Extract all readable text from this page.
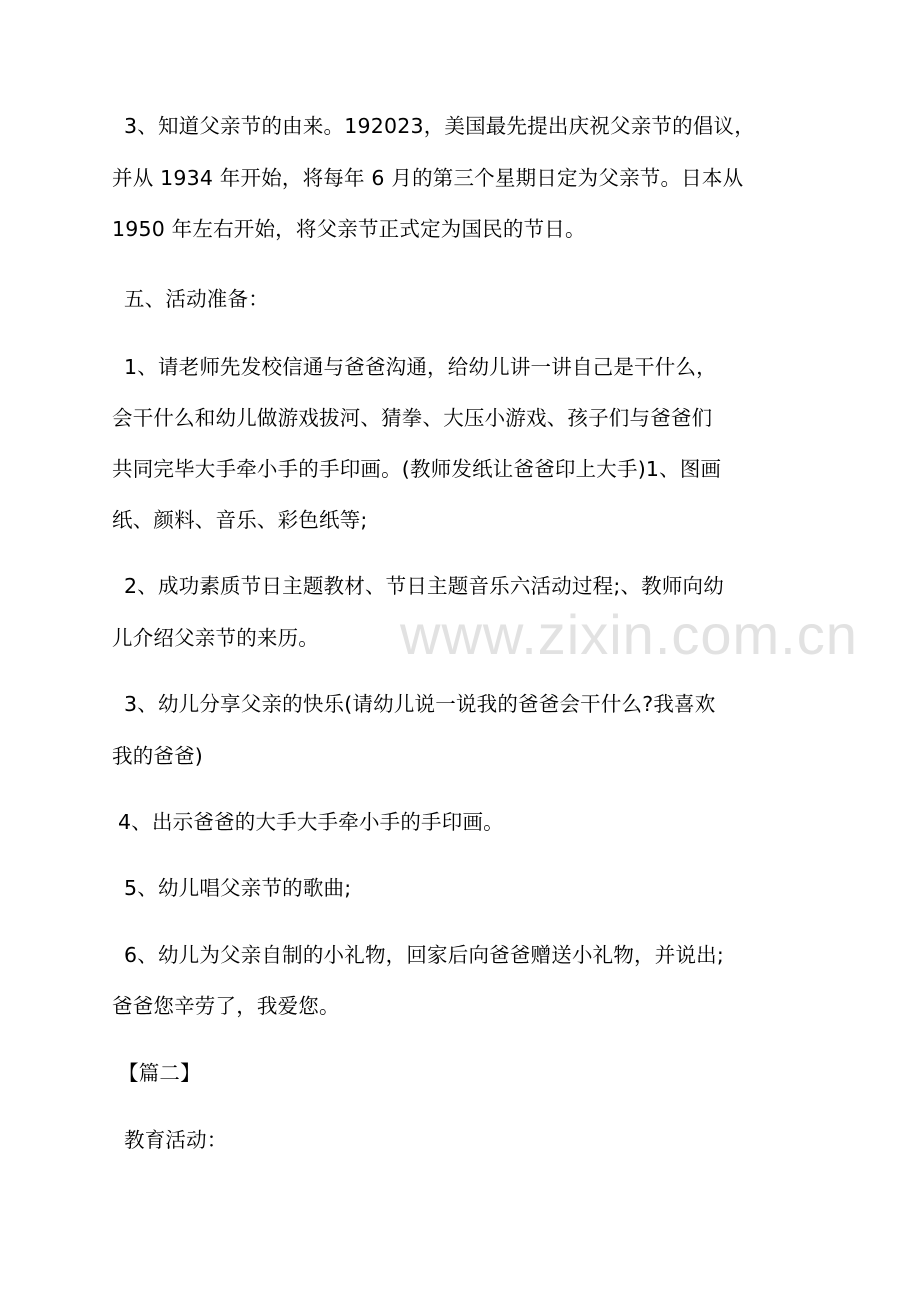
www.zixin.com.cn
3、知道父亲节的由来。192023，美国最先提出庆祝父亲节的倡议，
并从 1934 年开始，将每年 6 月的第三个星期日定为父亲节。日本从
1950 年左右开始，将父亲节正式定为国民的节日。
五、活动准备：
1、请老师先发校信通与爸爸沟通，给幼儿讲一讲自己是干什么，
会干什么和幼儿做游戏拔河、猜拳、大压小游戏、孩子们与爸爸们
共同完毕大手牵小手的手印画。(教师发纸让爸爸印上大手)1、图画
纸、颜料、音乐、彩色纸等;
2、成功素质节日主题教材、节日主题音乐六活动过程;、教师向幼
儿介绍父亲节的来历。
3、幼儿分享父亲的快乐(请幼儿说一说我的爸爸会干什么?我喜欢
我的爸爸)
4、出示爸爸的大手大手牵小手的手印画。
5、幼儿唱父亲节的歌曲;
6、幼儿为父亲自制的小礼物，回家后向爸爸赠送小礼物，并说出;
爸爸您辛劳了，我爱您。
【篇二】
教育活动：
